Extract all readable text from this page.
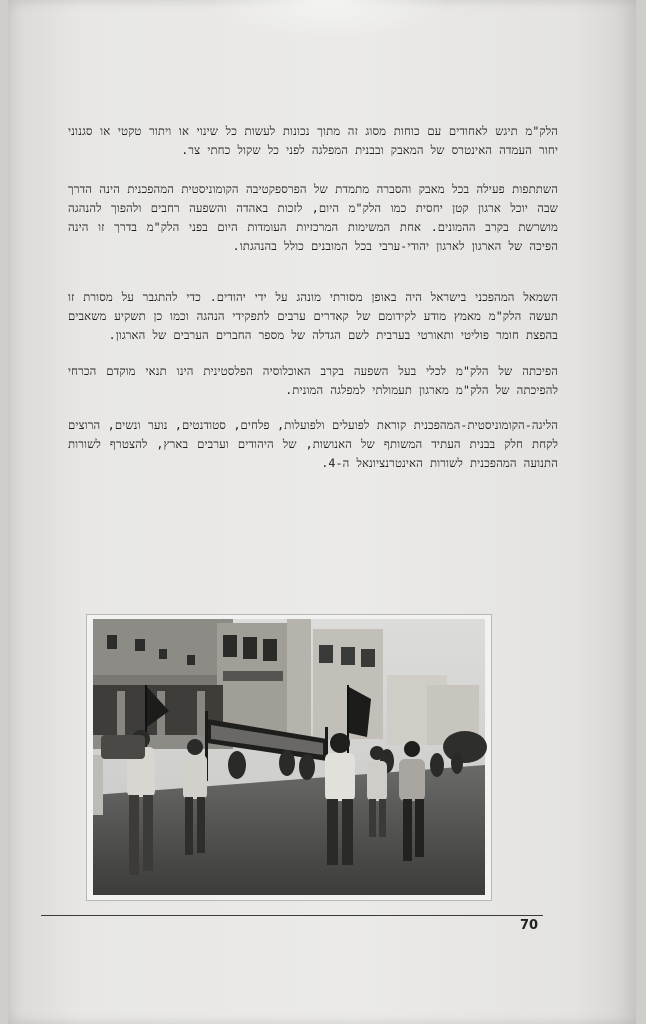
הלק"מ תיגש לאחודים עם כוחות מסוג זה מתוך נכונות לעשות כל שינוי או ויתור טקטי או סגנוני יחור העמדה האינטרס של המאבק ובבנית המפלגה לפני כל שקול כחתי צר.

השתתפות פעילה בכל מאבק והסברה מתמדת של הפרספקטיבה הקומוניסטית המהפכנית הינה הדרך שבה יוכל ארגון קטן יחסית כמו הלק"מ היום, לזכות באהדה והשפעה רחבים ולהפוך להנהגה מושרשת בקרב ההמונים. אחת המשימות המרכזיות העומדות היום בפני הלק"מ בדרך זו הינה הפיכה של הארגון לארגון יהודי-ערבי בכל המובנים כולל בהנהגתו.

השמאל המהפכני בישראל היה באופן מסורתי מונהג על ידי יהודים. כדי להתגבר על מסורת זו תעשה הלק"מ מאמץ מודע לקידומם של קאדרים ערבים לתפקידי הנהגה וכמו כן תשקיע משאבים בהפצת חומר פוליטי ותאורטי בערבית לשם הגדלה של מספר החברים הערבים של הארגון.

הפיכתה של הלק"מ לכלי בעל השפעה בקרב האוכלוסיה הפלסטינית הינו תנאי מוקדם הכרחי להפיכתה של הלק"מ מארגון תעמולתי למפלגה המונית.

הליגה-הקומוניסטית-המהפכנית קוראת לפועלים ולפועלות, פלחים, סטודנטים, נוער ונשים, הרוצים לקחת חלק בבנית העתיד המשותף של האנושות, של היהודים וערבים בארץ, להצטרף לשורות התנועה המהפכנית לשורות האינטרנציונאל ה-4.

70
